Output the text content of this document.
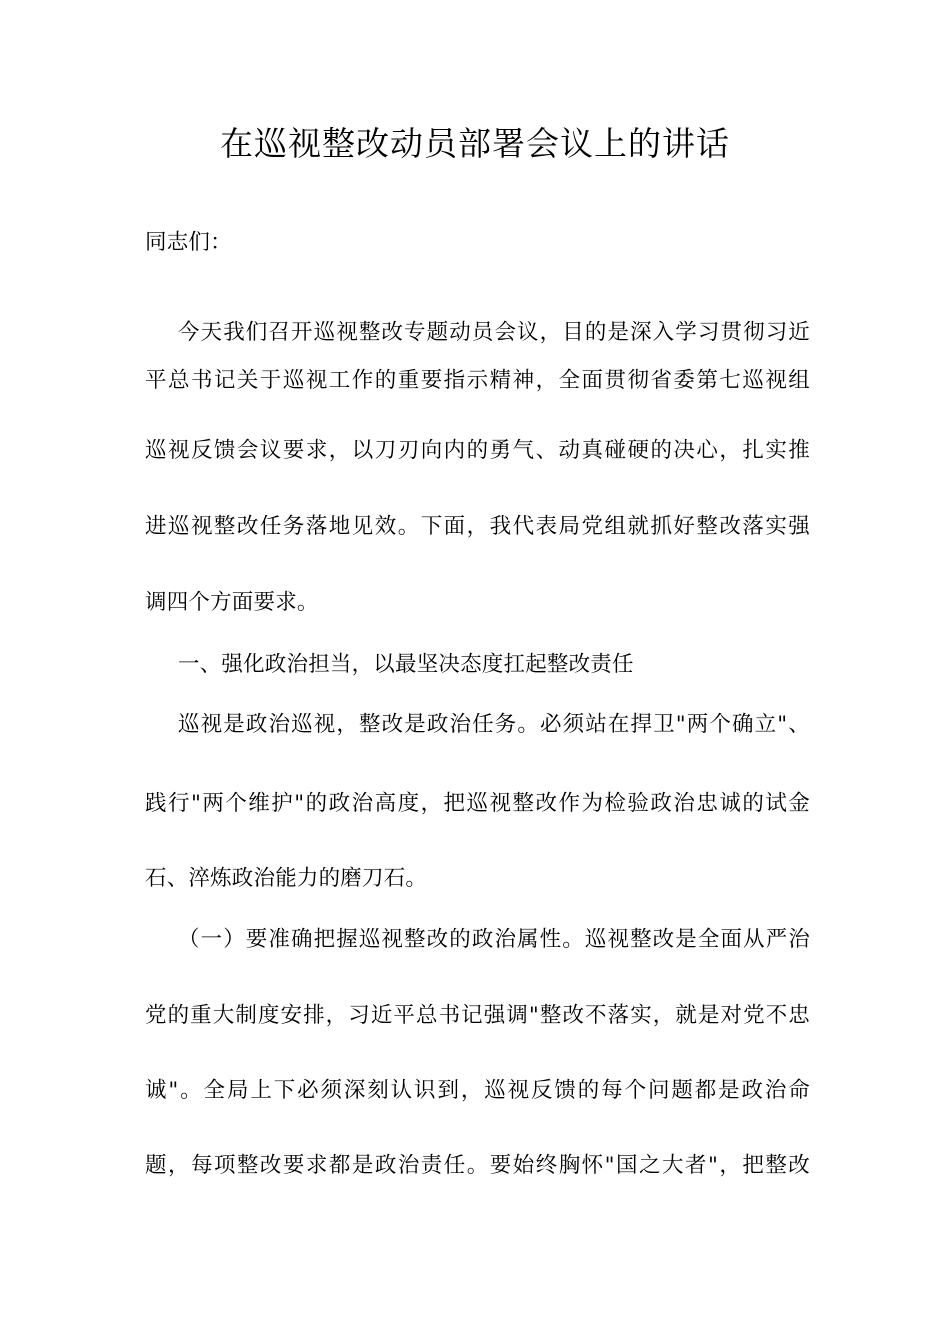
在巡视整改动员部署会议上的讲话
同志们：
今天我们召开巡视整改专题动员会议，目的是深入学习贯彻习近
平总书记关于巡视工作的重要指示精神，全面贯彻省委第七巡视组
巡视反馈会议要求，以刀刃向内的勇气、动真碰硬的决心，扎实推
进巡视整改任务落地见效。下面，我代表局党组就抓好整改落实强
调四个方面要求。
一、强化政治担当，以最坚决态度扛起整改责任
巡视是政治巡视，整改是政治任务。必须站在捍卫"两个确立"、
践行"两个维护"的政治高度，把巡视整改作为检验政治忠诚的试金
石、淬炼政治能力的磨刀石。
（一）要准确把握巡视整改的政治属性。巡视整改是全面从严治
党的重大制度安排，习近平总书记强调"整改不落实，就是对党不忠
诚"。全局上下必须深刻认识到，巡视反馈的每个问题都是政治命
题，每项整改要求都是政治责任。要始终胸怀"国之大者"，把整改
